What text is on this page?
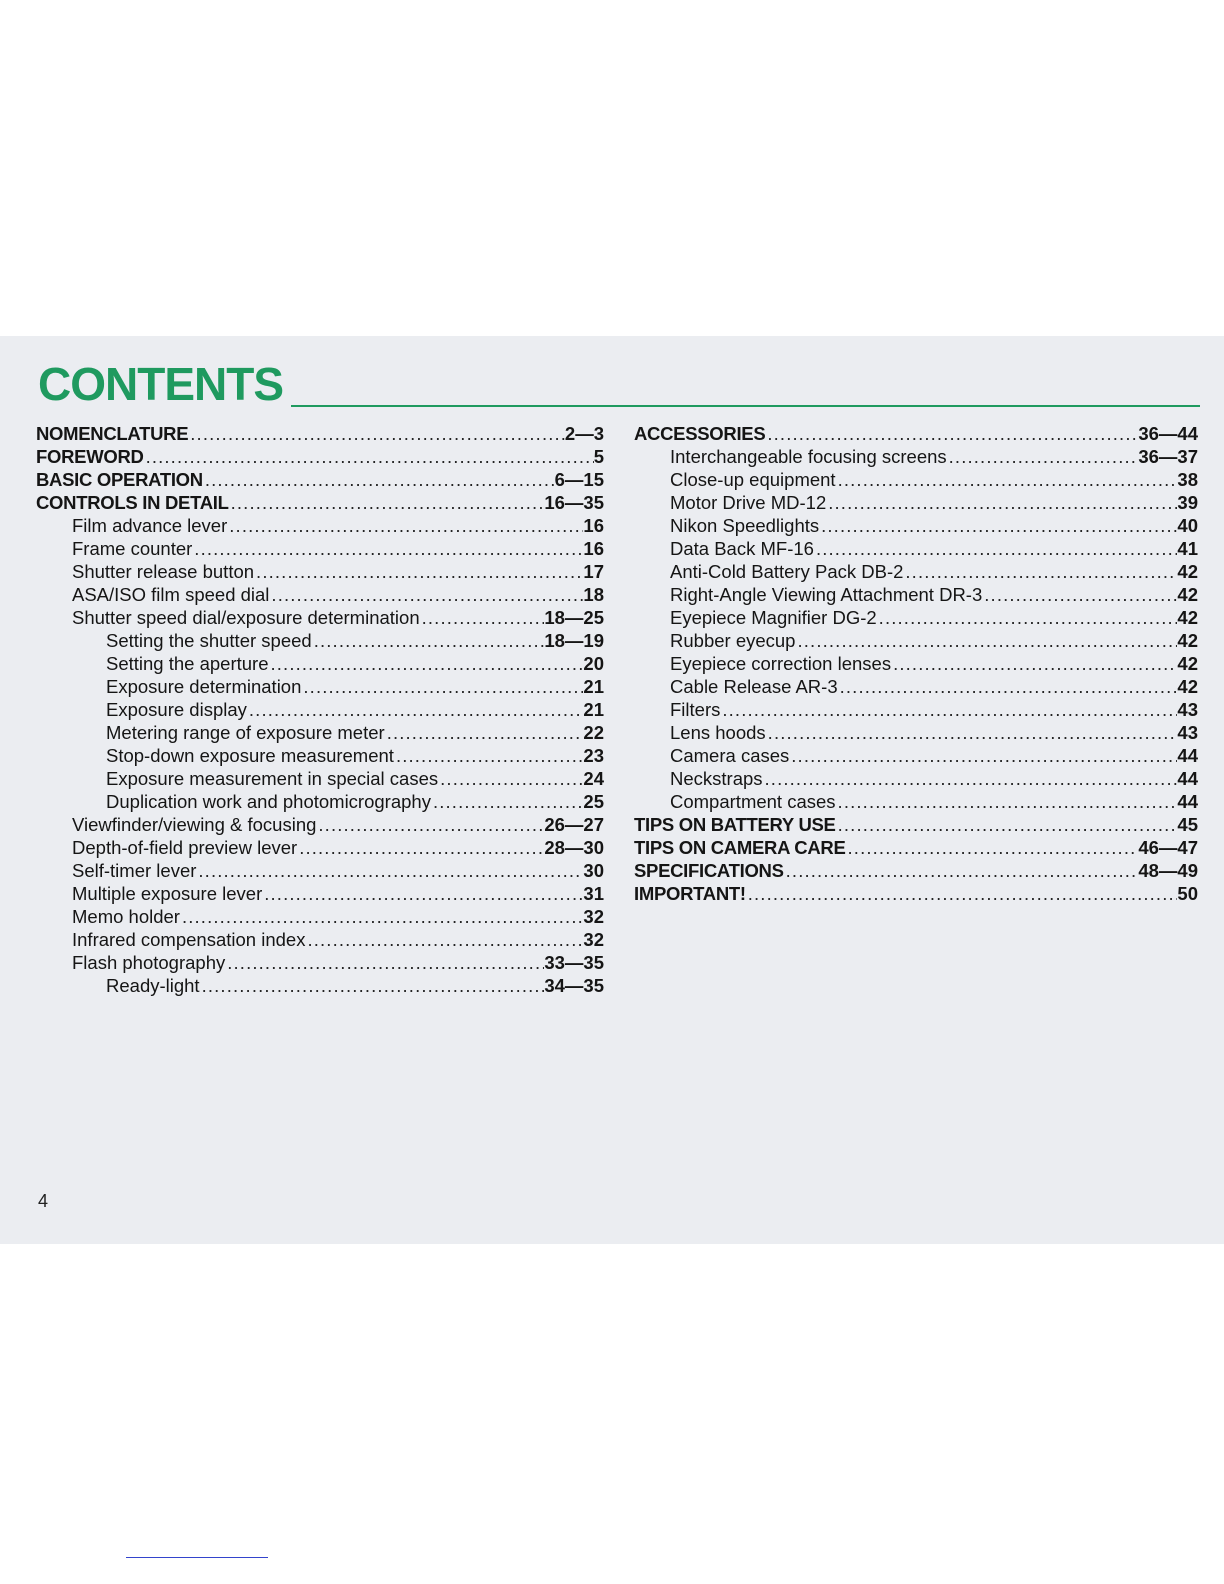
CONTENTS
NOMENCLATURE . . .	2—3
FOREWORD . . .	5
BASIC OPERATION . . .	6—15
CONTROLS IN DETAIL . . .	16—35
Film advance lever . . .	16
Frame counter . . .	16
Shutter release button . . .	17
ASA/ISO film speed dial . . .	18
Shutter speed dial/exposure determination . . .	18—25
Setting the shutter speed . . .	18—19
Setting the aperture . . .	20
Exposure determination . . .	21
Exposure display . . .	21
Metering range of exposure meter . . .	22
Stop-down exposure measurement . . .	23
Exposure measurement in special cases . . .	24
Duplication work and photomicrography . . .	25
Viewfinder/viewing & focusing . . .	26—27
Depth-of-field preview lever . . .	28—30
Self-timer lever . . .	30
Multiple exposure lever . . .	31
Memo holder . . .	32
Infrared compensation index . . .	32
Flash photography . . .	33—35
Ready-light . . .	34—35
ACCESSORIES . . .	36—44
Interchangeable focusing screens . . .	36—37
Close-up equipment . . .	38
Motor Drive MD-12 . . .	39
Nikon Speedlights . . .	40
Data Back MF-16 . . .	41
Anti-Cold Battery Pack DB-2 . . .	42
Right-Angle Viewing Attachment DR-3 . . .	42
Eyepiece Magnifier DG-2 . . .	42
Rubber eyecup . . .	42
Eyepiece correction lenses . . .	42
Cable Release AR-3 . . .	42
Filters . . .	43
Lens hoods . . .	43
Camera cases . . .	44
Neckstraps . . .	44
Compartment cases . . .	44
TIPS ON BATTERY USE . . .	45
TIPS ON CAMERA CARE . . .	46—47
SPECIFICATIONS . . .	48—49
IMPORTANT! . . .	50
4
